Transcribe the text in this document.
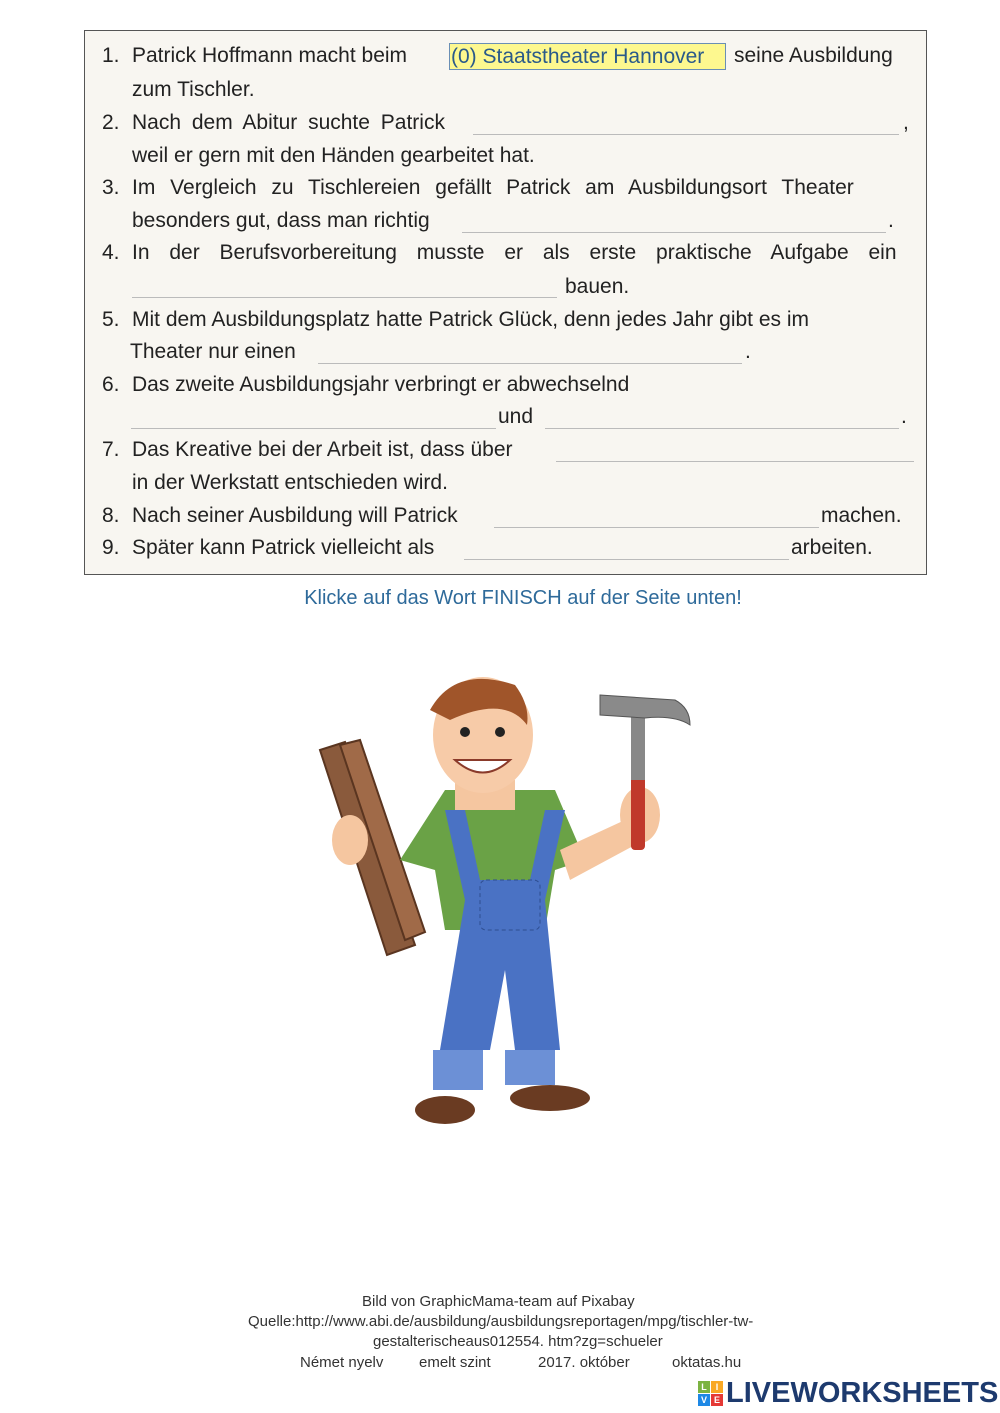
1. Patrick Hoffmann macht beim (0) Staatstheater Hannover	seine Ausbildung
zum Tischler.
2. Nach dem Abitur suchte Patrick	,
weil er gern mit den Händen gearbeitet hat.
3. Im Vergleich zu Tischlereien gefällt Patrick am Ausbildungsort Theater
besonders gut, dass man richtig	.
4. In der Berufsvorbereitung musste er als erste praktische Aufgabe ein
bauen.
5. Mit dem Ausbildungsplatz hatte Patrick Glück, denn jedes Jahr gibt es im
Theater nur einen	.
6. Das zweite Ausbildungsjahr verbringt er abwechselnd
und	.
7. Das Kreative bei der Arbeit ist, dass über
in der Werkstatt entschieden wird.
8. Nach seiner Ausbildung will Patrick	machen.
9. Später kann Patrick vielleicht als	arbeiten.
Klicke auf das Wort FINISCH auf der Seite unten!
Bild von GraphicMama-team auf Pixabay
Quelle:http://www.abi.de/ausbildung/ausbildungsreportagen/mpg/tischler-tw-
gestalterischeaus012554. htm?zg=schueler
Német nyelv emelt szint	2017. október	oktatas.hu
L I
V E LIVEWORKSHEETS
